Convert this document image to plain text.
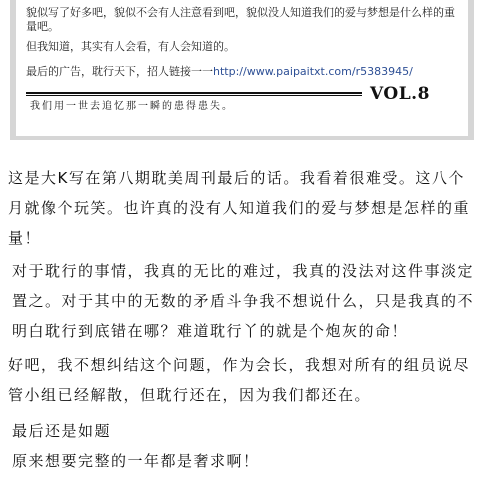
貌似写了好多吧，貌似不会有人注意看到吧，貌似没人知道我们的爱与梦想是什么样的重
量吧。
但我知道，其实有人会看，有人会知道的。
最后的广告，耽行天下，招人链接一一http://www.paipaitxt.com/r5383945/
VOL.8
我们用一世去追忆那一瞬的患得患失。
这是大K写在第八期耽美周刊最后的话。我看着很难受。这八个
月就像个玩笑。也许真的没有人知道我们的爱与梦想是怎样的重
量！
对于耽行的事情，我真的无比的难过，我真的没法对这件事淡定
置之。对于其中的无数的矛盾斗争我不想说什么，只是我真的不
明白耽行到底错在哪？难道耽行丫的就是个炮灰的命！
好吧，我不想纠结这个问题，作为会长，我想对所有的组员说尽
管小组已经解散，但耽行还在，因为我们都还在。
最后还是如题
原来想要完整的一年都是奢求啊！
